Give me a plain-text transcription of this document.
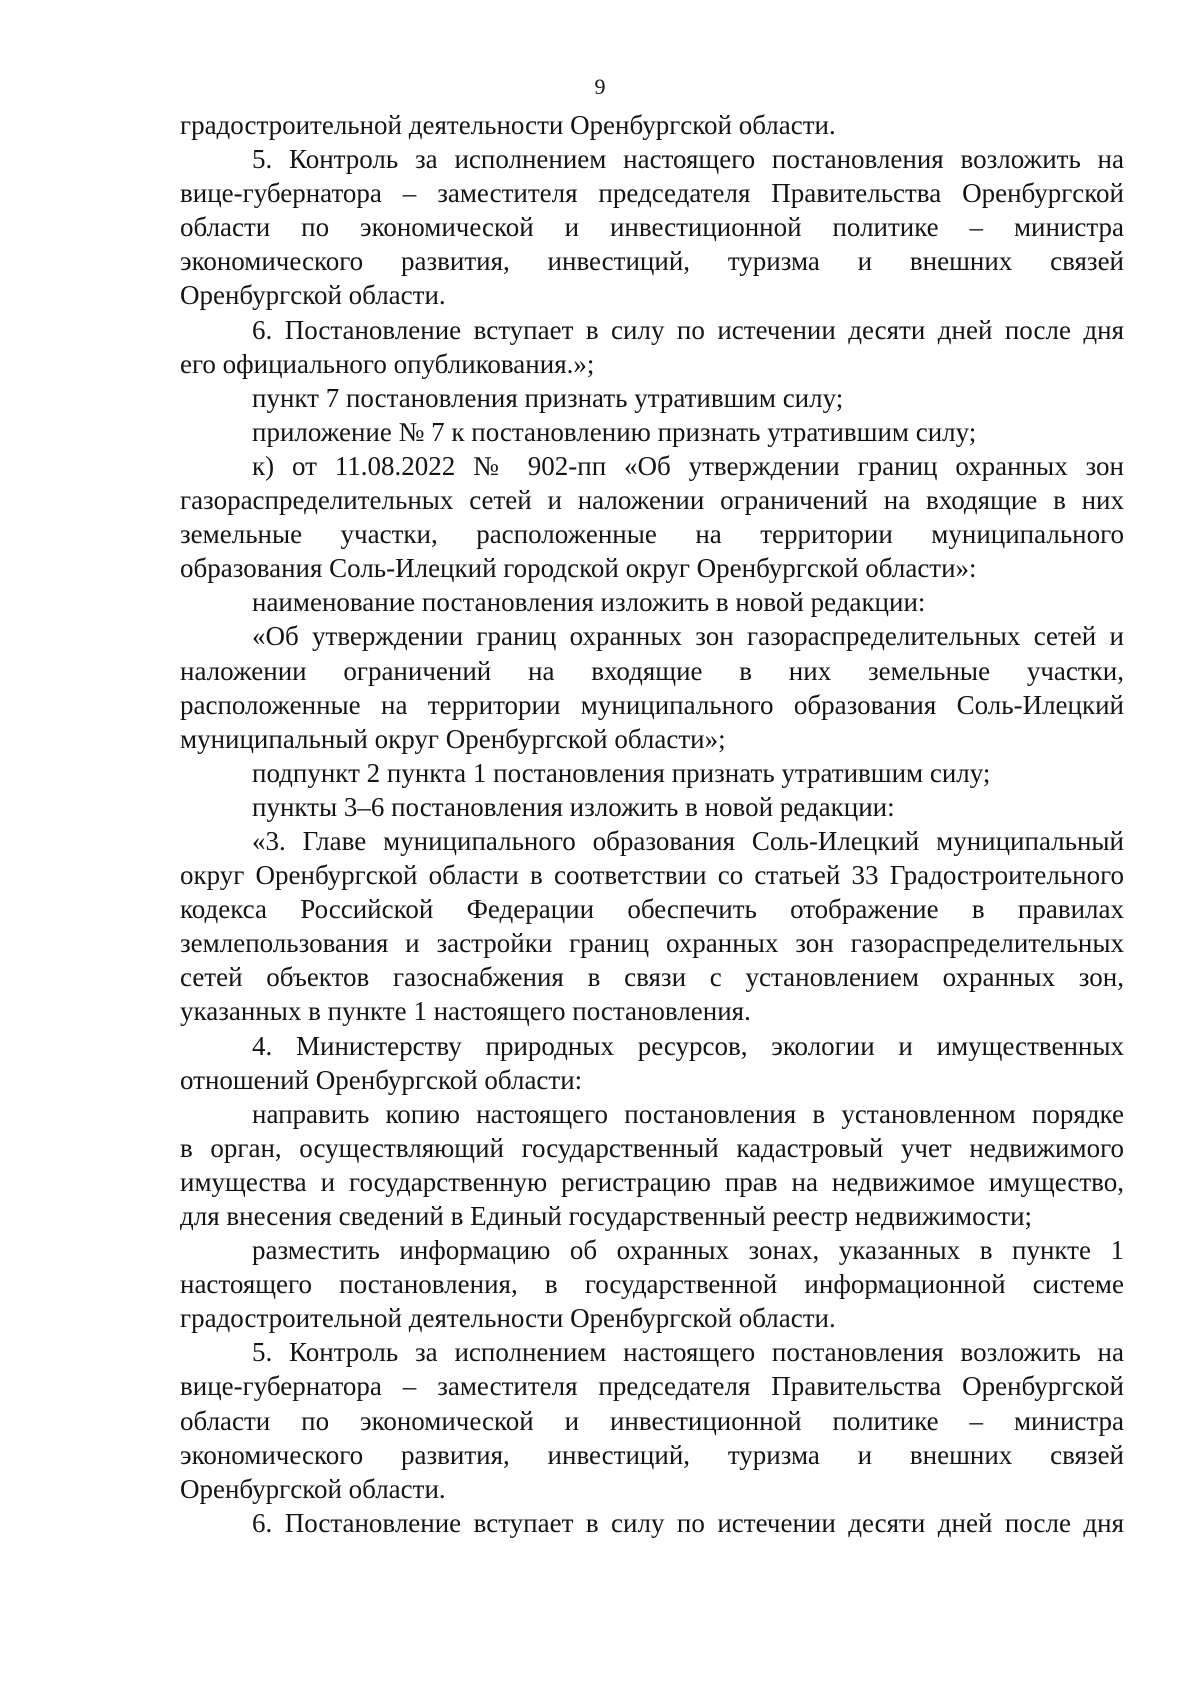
9
градостроительной деятельности Оренбургской области.
5. Контроль за исполнением настоящего постановления возложить на
вице-губернатора – заместителя председателя Правительства Оренбургской
области по экономической и инвестиционной политике – министра
экономического развития, инвестиций, туризма и внешних связей
Оренбургской области.
6. Постановление вступает в силу по истечении десяти дней после дня
его официального опубликования.»;
пункт 7 постановления признать утратившим силу;
приложение № 7 к постановлению признать утратившим силу;
к) от 11.08.2022 № 902-пп «Об утверждении границ охранных зон
газораспределительных сетей и наложении ограничений на входящие в них
земельные участки, расположенные на территории муниципального
образования Соль-Илецкий городской округ Оренбургской области»:
наименование постановления изложить в новой редакции:
«Об утверждении границ охранных зон газораспределительных сетей и
наложении ограничений на входящие в них земельные участки,
расположенные на территории муниципального образования Соль-Илецкий
муниципальный округ Оренбургской области»;
подпункт 2 пункта 1 постановления признать утратившим силу;
пункты 3–6 постановления изложить в новой редакции:
«3. Главе муниципального образования Соль-Илецкий муниципальный
округ Оренбургской области в соответствии со статьей 33 Градостроительного
кодекса Российской Федерации обеспечить отображение в правилах
землепользования и застройки границ охранных зон газораспределительных
сетей объектов газоснабжения в связи с установлением охранных зон,
указанных в пункте 1 настоящего постановления.
4. Министерству природных ресурсов, экологии и имущественных
отношений Оренбургской области:
направить копию настоящего постановления в установленном порядке
в орган, осуществляющий государственный кадастровый учет недвижимого
имущества и государственную регистрацию прав на недвижимое имущество,
для внесения сведений в Единый государственный реестр недвижимости;
разместить информацию об охранных зонах, указанных в пункте 1
настоящего постановления, в государственной информационной системе
градостроительной деятельности Оренбургской области.
5. Контроль за исполнением настоящего постановления возложить на
вице-губернатора – заместителя председателя Правительства Оренбургской
области по экономической и инвестиционной политике – министра
экономического развития, инвестиций, туризма и внешних связей
Оренбургской области.
6. Постановление вступает в силу по истечении десяти дней после дня
